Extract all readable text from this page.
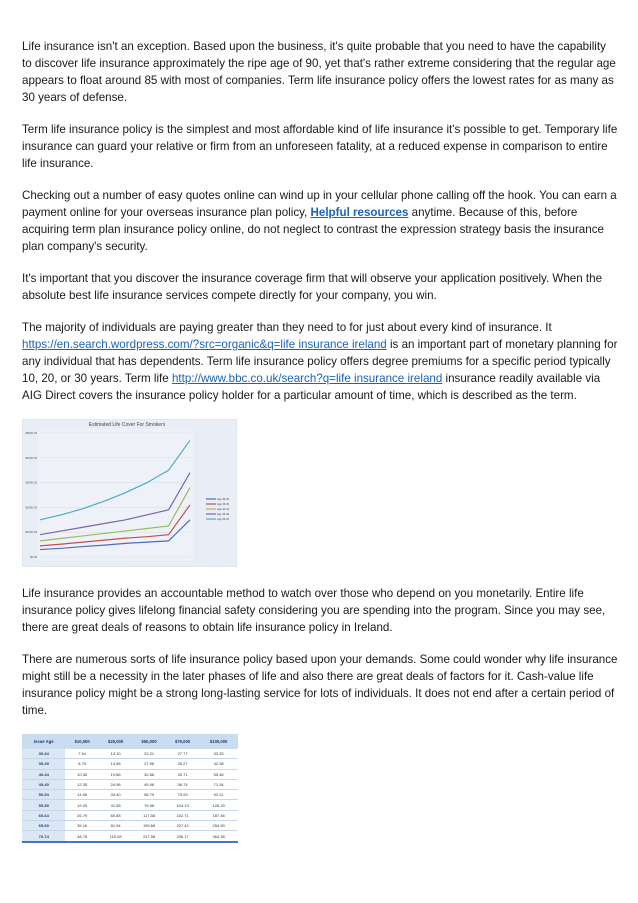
Life insurance isn't an exception. Based upon the business, it's quite probable that you need to have the capability to discover life insurance approximately the ripe age of 90, yet that's rather extreme considering that the regular age appears to float around 85 with most of companies. Term life insurance policy offers the lowest rates for as many as 30 years of defense.

Term life insurance policy is the simplest and most affordable kind of life insurance it's possible to get. Temporary life insurance can guard your relative or firm from an unforeseen fatality, at a reduced expense in comparison to entire life insurance.

Checking out a number of easy quotes online can wind up in your cellular phone calling off the hook. You can earn a payment online for your overseas insurance plan policy, Helpful resources anytime. Because of this, before acquiring term plan insurance policy online, do not neglect to contrast the expression strategy basis the insurance plan company's security.

It's important that you discover the insurance coverage firm that will observe your application positively. When the absolute best life insurance services compete directly for your company, you win.

The majority of individuals are paying greater than they need to for just about every kind of insurance. It https://en.search.wordpress.com/?src=organic&q=life insurance ireland is an important part of monetary planning for any individual that has dependents. Term life insurance policy offers degree premiums for a specific period typically 10, 20, or 30 years. Term life http://www.bbc.co.uk/search?q=life insurance ireland insurance readily available via AIG Direct covers the insurance policy holder for a particular amount of time, which is described as the term.

Estimated Life Cover For Smokers
$0.00
$1000.00
$2000.00
$3000.00
$4000.00
$5000.00
Age 30-34
Age 35-39
Age 40-44
Age 45-49
Age 50-54

Life insurance provides an accountable method to watch over those who depend on you monetarily. Entire life insurance policy gives lifelong financial safety considering you are spending into the program. Since you may see, there are great deals of reasons to obtain life insurance policy in Ireland.

There are numerous sorts of life insurance policy based upon your demands. Some could wonder why life insurance might still be a necessity in the later phases of life and also there are great deals of factors for it. Cash-value life insurance policy might be a strong long-lasting service for lots of individuals. It does not end after a certain period of time.

Issue Age	$10,000	$25,000	$50,000	$75,000	$100,000
30-34	7.04	13.10	22.21	27.77	33.33
35-39	8.79	13.96	27.96	35.27	42.38
40-44	10.35	19.88	32.86	45.71	55.46
45-49	12.35	24.98	45.96	58.74	71.34
50-54	14.96	33.40	58.79	75.93	92.21
55-59	19.29	41.98	79.96	104.13	126.29
60-64	26.79	60.88	117.58	152.71	187.46
65-69	35.16	81.94	159.68	207.42	254.90
70-74	48.75	115.08	227.58	296.17	364.38
